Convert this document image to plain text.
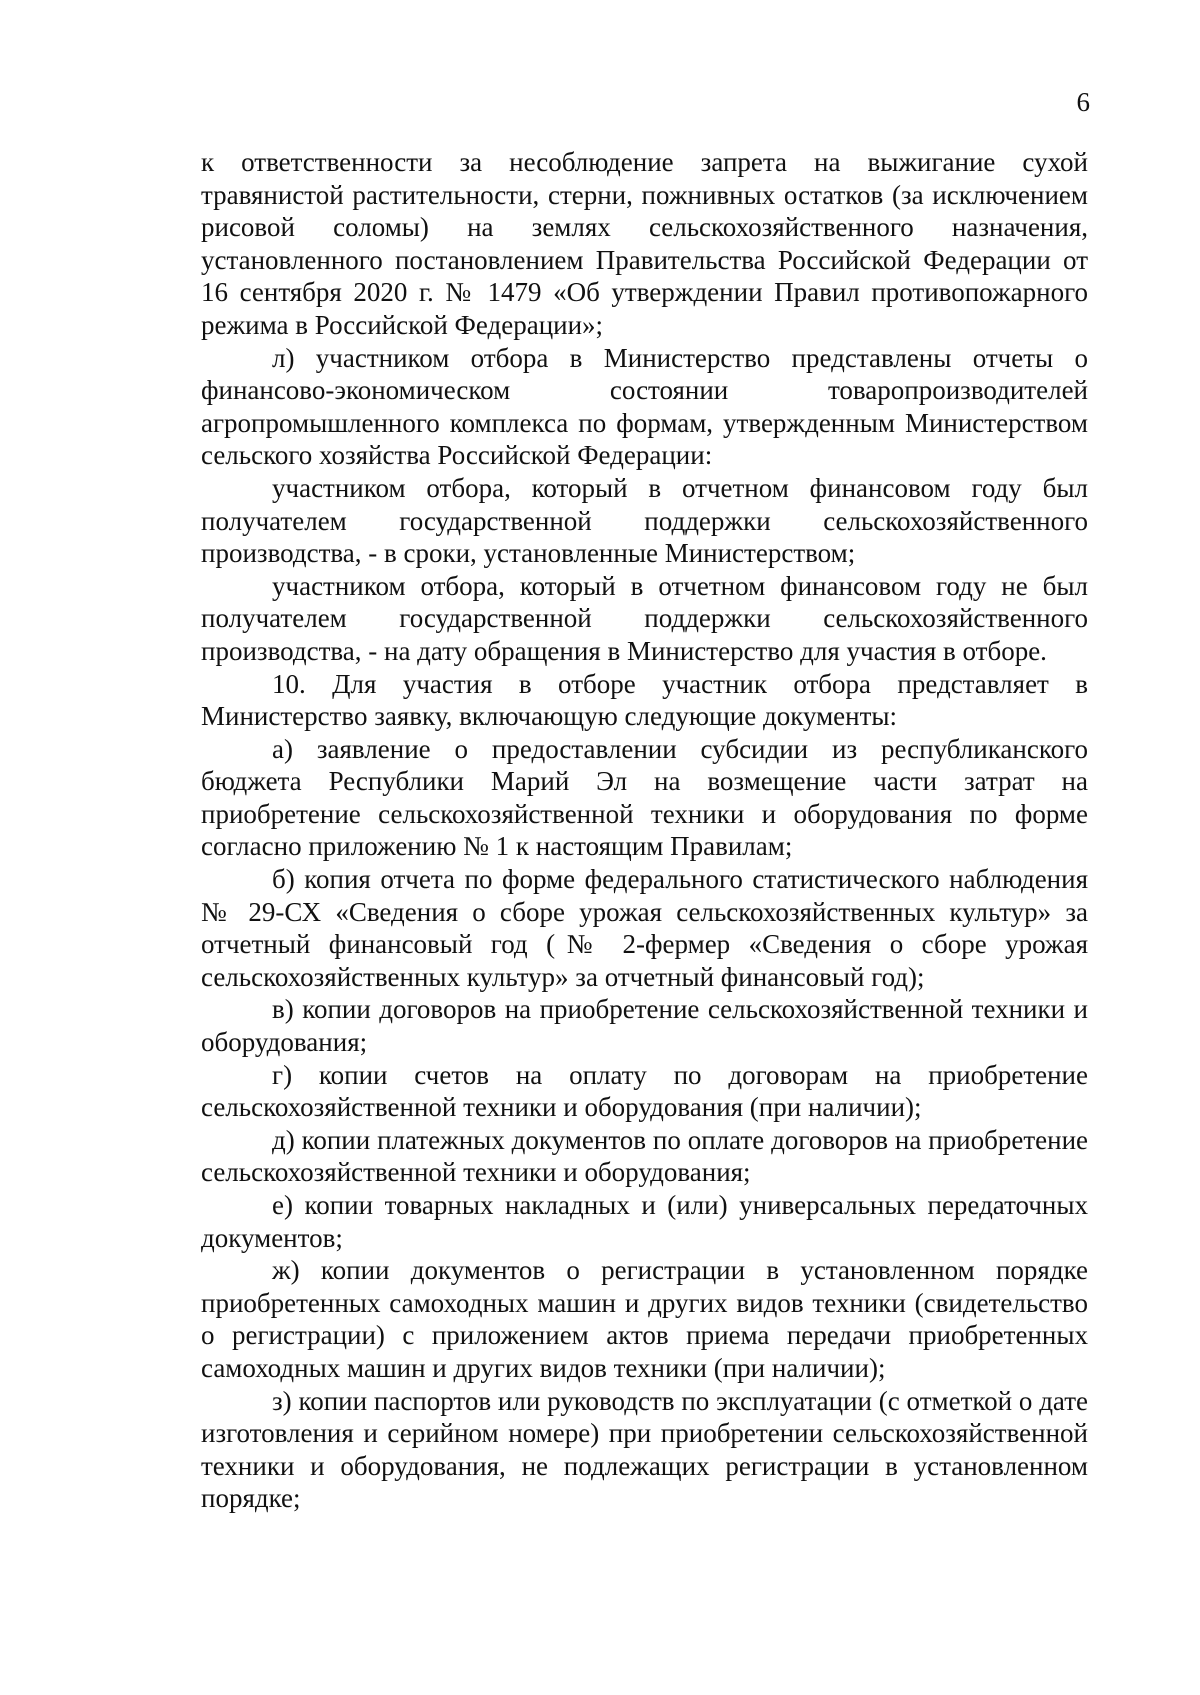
6

к ответственности за несоблюдение запрета на выжигание сухой травянистой растительности, стерни, пожнивных остатков (за исключением рисовой соломы) на землях сельскохозяйственного назначения, установленного постановлением Правительства Российской Федерации от 16 сентября 2020 г. № 1479 «Об утверждении Правил противопожарного режима в Российской Федерации»;

л) участником отбора в Министерство представлены отчеты о финансово-экономическом состоянии товаропроизводителей агропромышленного комплекса по формам, утвержденным Министерством сельского хозяйства Российской Федерации:

участником отбора, который в отчетном финансовом году был получателем государственной поддержки сельскохозяйственного производства, - в сроки, установленные Министерством;

участником отбора, который в отчетном финансовом году не был получателем государственной поддержки сельскохозяйственного производства, - на дату обращения в Министерство для участия в отборе.

10. Для участия в отборе участник отбора представляет в Министерство заявку, включающую следующие документы:

а) заявление о предоставлении субсидии из республиканского бюджета Республики Марий Эл на возмещение части затрат на приобретение сельскохозяйственной техники и оборудования по форме согласно приложению № 1 к настоящим Правилам;

б) копия отчета по форме федерального статистического наблюдения № 29-СХ «Сведения о сборе урожая сельскохозяйственных культур» за отчетный финансовый год (№ 2-фермер «Сведения о сборе урожая сельскохозяйственных культур» за отчетный финансовый год);

в) копии договоров на приобретение сельскохозяйственной техники и оборудования;

г) копии счетов на оплату по договорам на приобретение сельскохозяйственной техники и оборудования (при наличии);

д) копии платежных документов по оплате договоров на приобретение сельскохозяйственной техники и оборудования;

е) копии товарных накладных и (или) универсальных передаточных документов;

ж) копии документов о регистрации в установленном порядке приобретенных самоходных машин и других видов техники (свидетельство о регистрации) с приложением актов приема передачи приобретенных самоходных машин и других видов техники (при наличии);

з) копии паспортов или руководств по эксплуатации (с отметкой о дате изготовления и серийном номере) при приобретении сельскохозяйственной техники и оборудования, не подлежащих регистрации в установленном порядке;
